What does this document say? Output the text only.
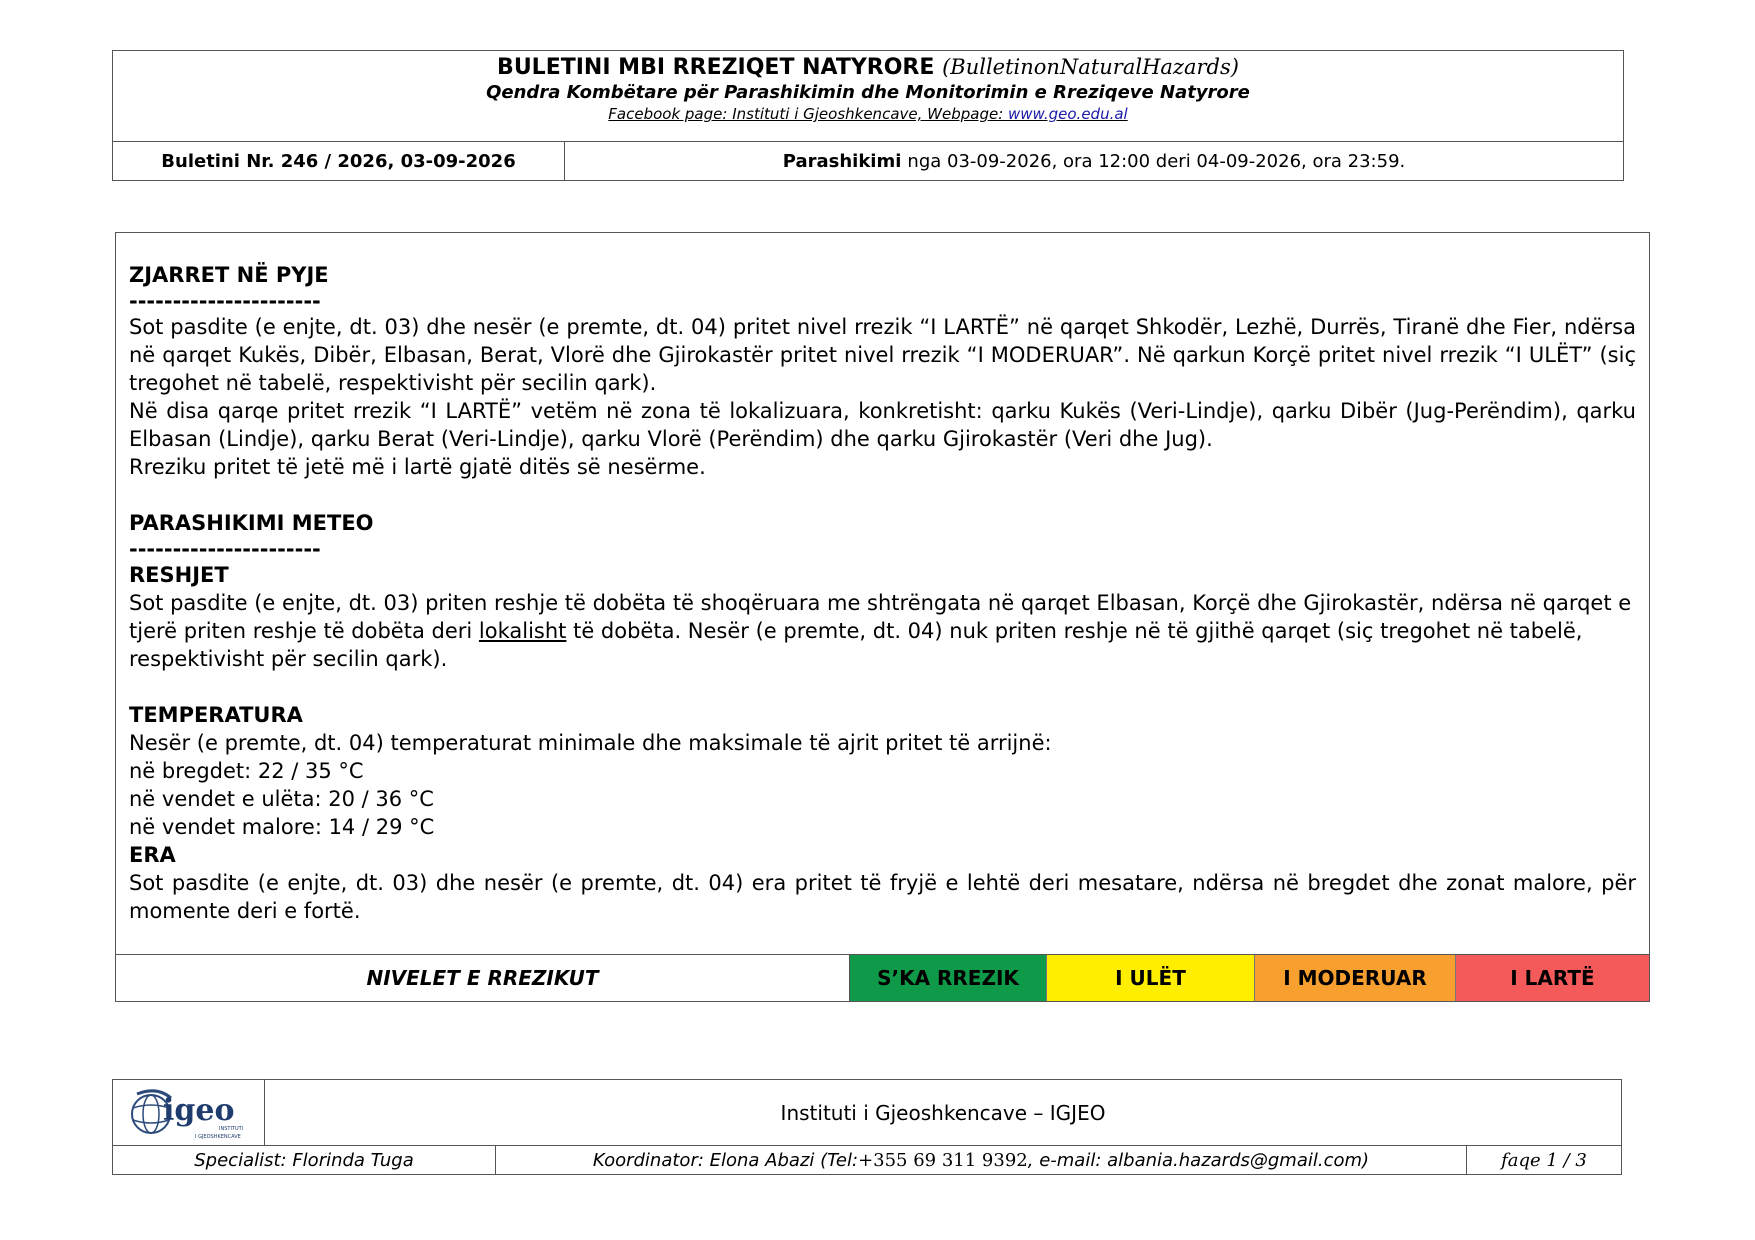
BULETINI MBI RREZIQET NATYRORE (BulletinonNaturalHazards)
Qendra Kombëtare për Parashikimin dhe Monitorimin e Rreziqeve Natyrore
Facebook page: Instituti i Gjeoshkencave, Webpage: www.geo.edu.al
Buletini Nr. 246 / 2026, 03-09-2026	Parashikimi nga 03-09-2026, ora 12:00 deri 04-09-2026, ora 23:59.

ZJARRET NË PYJE

----------------------

Sot pasdite (e enjte, dt. 03) dhe nesër (e premte, dt. 04) pritet nivel rrezik “I LARTË” në qarqet Shkodër, Lezhë, Durrës, Tiranë dhe Fier, ndërsa në qarqet Kukës, Dibër, Elbasan, Berat, Vlorë dhe Gjirokastër pritet nivel rrezik “I MODERUAR”. Në qarkun Korçë pritet nivel rrezik “I ULËT” (siç tregohet në tabelë, respektivisht për secilin qark).

Në disa qarqe pritet rrezik “I LARTË” vetëm në zona të lokalizuara, konkretisht: qarku Kukës (Veri-Lindje), qarku Dibër (Jug-Perëndim), qarku Elbasan (Lindje), qarku Berat (Veri-Lindje), qarku Vlorë (Perëndim) dhe qarku Gjirokastër (Veri dhe Jug).

Rreziku pritet të jetë më i lartë gjatë ditës së nesërme.

PARASHIKIMI METEO

----------------------

RESHJET

Sot pasdite (e enjte, dt. 03) priten reshje të dobëta të shoqëruara me shtrëngata në qarqet Elbasan, Korçë dhe Gjirokastër, ndërsa në qarqet e tjerë priten reshje të dobëta deri lokalisht të dobëta. Nesër (e premte, dt. 04) nuk priten reshje në të gjithë qarqet (siç tregohet në tabelë, respektivisht për secilin qark).

TEMPERATURA

Nesër (e premte, dt. 04) temperaturat minimale dhe maksimale të ajrit pritet të arrijnë:

në bregdet: 22 / 35 °C

në vendet e ulëta: 20 / 36 °C

në vendet malore: 14 / 29 °C

ERA

Sot pasdite (e enjte, dt. 03) dhe nesër (e premte, dt. 04) era pritet të fryjë e lehtë deri mesatare, ndërsa në bregdet dhe zonat malore, për momente deri e fortë.

NIVELET E RREZIKUT	S’KA RREZIK	I ULËT	I MODERUAR	I LARTË
igeo
INSTITUTI
I GJEOSHKENCAVE
Instituti i Gjeoshkencave – IGJEO
Specialist: Florinda Tuga	Koordinator: Elona Abazi (Tel: +355 69 311 9392 , e-mail: albania.hazards@gmail.com)	faqe 1 / 3
